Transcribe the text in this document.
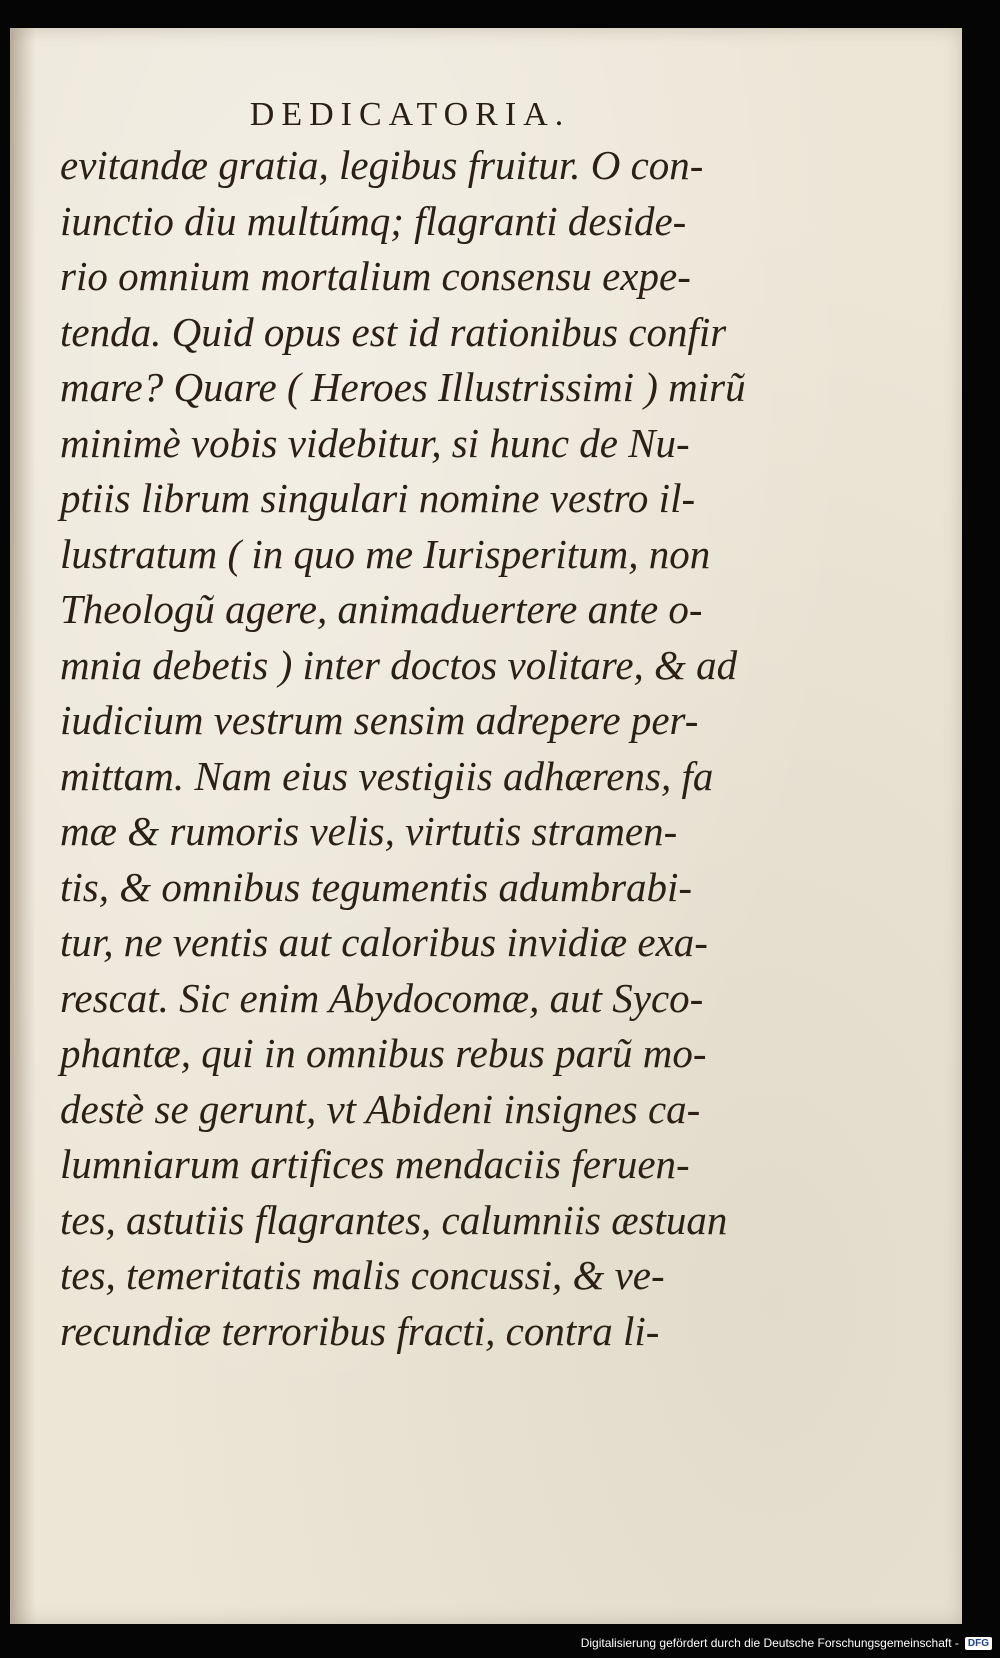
DEDICATORIA.
evitandæ gratia, legibus fruitur. O con-
iunctio diu multúmq; flagranti deside-
rio omnium mortalium consensu expe-
tenda. Quid opus est id rationibus confir
mare? Quare ( Heroes Illustrissimi ) mirũ
minimè vobis videbitur, si hunc de Nu-
ptiis librum singulari nomine vestro il-
lustratum ( in quo me Iurisperitum, non
Theologũ agere, animaduertere ante o-
mnia debetis ) inter doctos volitare, & ad
iudicium vestrum sensim adrepere per-
mittam. Nam eius vestigiis adhærens, fa
mæ & rumoris velis, virtutis stramen-
tis, & omnibus tegumentis adumbrabi-
tur, ne ventis aut caloribus invidiæ exa-
rescat. Sic enim Abydocomæ, aut Syco-
phantæ, qui in omnibus rebus parũ mo-
destè se gerunt, vt Abideni insignes ca-
lumniarum artifices mendaciis feruen-
tes, astutiis flagrantes, calumniis æstuan
tes, temeritatis malis concussi, & ve-
recundiæ terroribus fracti, contra li-
Digitalisierung gefördert durch die Deutsche Forschungsgemeinschaft - DFG
